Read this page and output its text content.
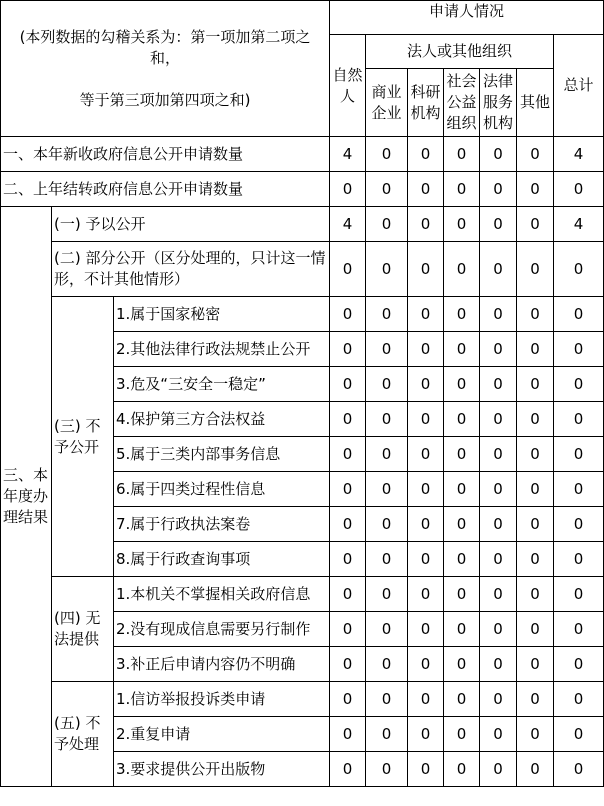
(本列数据的勾稽关系为：第一项加第二项之

和，

等于第三项加第四项之和)			申请人情况						
			自然人	法人或其他组织					总计
				商业企业	科研机构	社会公益组织	法律服务机构	其他	

一、本年新收政府信息公开申请数量			4	0	0	0	0	0	4
二、上年结转政府信息公开申请数量			0	0	0	0	0	0	0
三、本年度办理结果	(一) 予以公开		4	0	0	0	0	0	4
	(二) 部分公开（区分处理的，只计这一情形，不计其他情形）		0	0	0	0	0	0	0
	(三) 不予公开	1.属于国家秘密	0	0	0	0	0	0	0
		2.其他法律行政法规禁止公开	0	0	0	0	0	0	0
		3.危及“三安全一稳定”	0	0	0	0	0	0	0
		4.保护第三方合法权益	0	0	0	0	0	0	0
		5.属于三类内部事务信息	0	0	0	0	0	0	0
		6.属于四类过程性信息	0	0	0	0	0	0	0
		7.属于行政执法案卷	0	0	0	0	0	0	0
		8.属于行政查询事项	0	0	0	0	0	0	0
	(四) 无法提供	1.本机关不掌握相关政府信息	0	0	0	0	0	0	0
		2.没有现成信息需要另行制作	0	0	0	0	0	0	0
		3.补正后申请内容仍不明确	0	0	0	0	0	0	0
	(五) 不予处理	1.信访举报投诉类申请	0	0	0	0	0	0	0
		2.重复申请	0	0	0	0	0	0	0
		3.要求提供公开出版物	0	0	0	0	0	0	0
